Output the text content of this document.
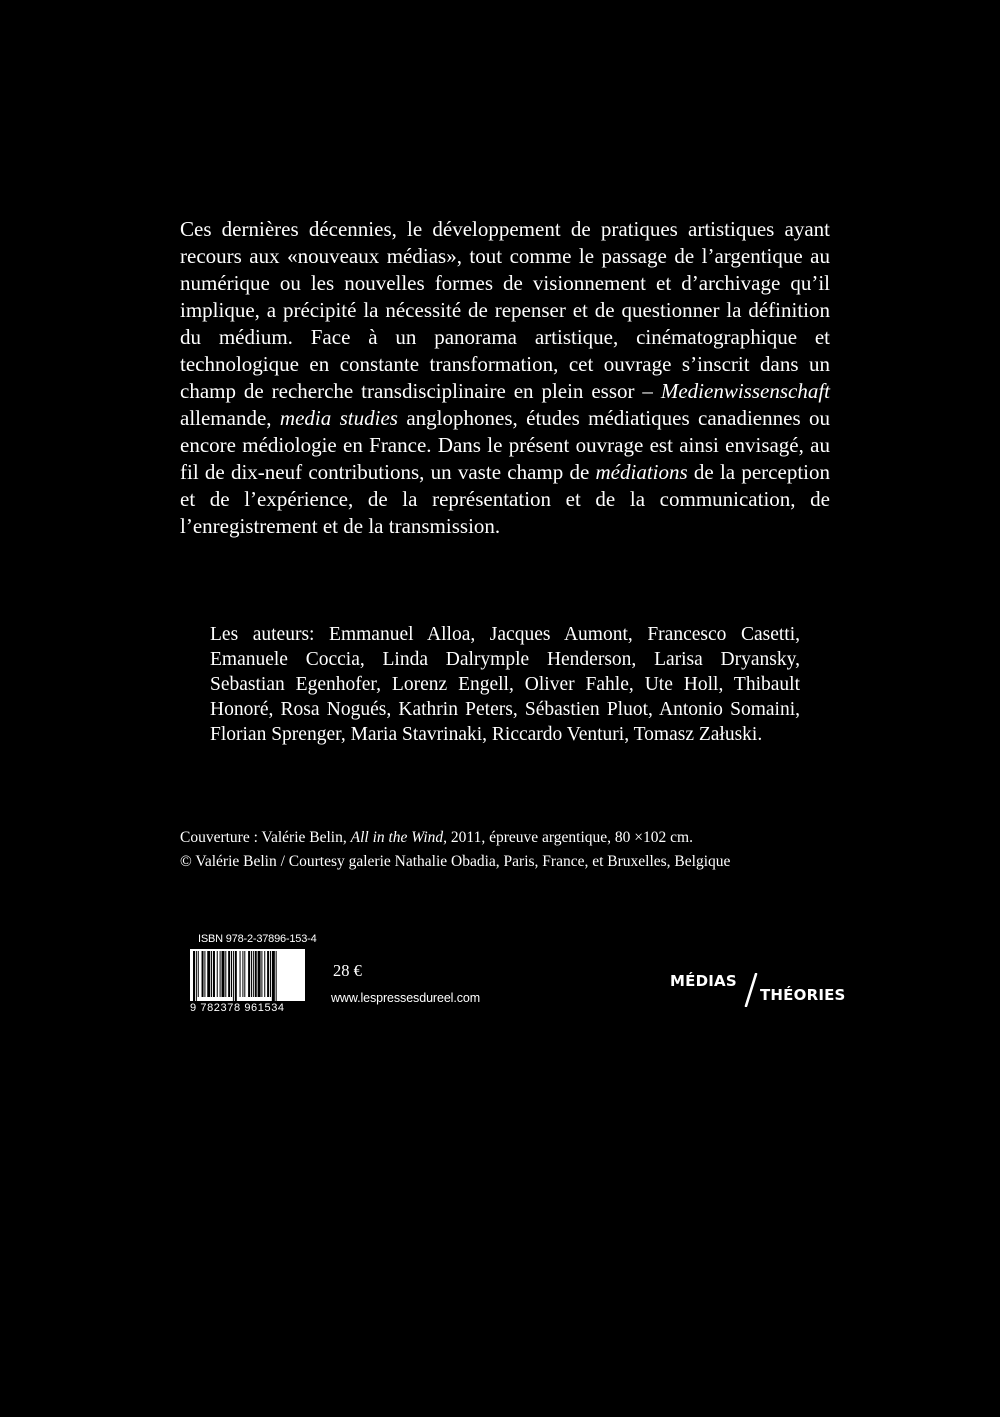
Ces dernières décennies, le développement de pratiques artistiques ayant recours aux «nouveaux médias», tout comme le passage de l’argentique au numérique ou les nouvelles formes de visionnement et d’archivage qu’il implique, a précipité la nécessité de repenser et de questionner la définition du médium. Face à un panorama artistique, cinématographique et technologique en constante transformation, cet ouvrage s’inscrit dans un champ de recherche transdisciplinaire en plein essor – Medienwissenschaft allemande, media studies anglophones, études médiatiques canadiennes ou encore médiologie en France. Dans le présent ouvrage est ainsi envisagé, au fil de dix-neuf contributions, un vaste champ de médiations de la perception et de l’expérience, de la représentation et de la communication, de l’enregistrement et de la transmission.

Les auteurs: Emmanuel Alloa, Jacques Aumont, Francesco Casetti, Emanuele Coccia, Linda Dalrymple Henderson, Larisa Dryansky, Sebastian Egenhofer, Lorenz Engell, Oliver Fahle, Ute Holl, Thibault Honoré, Rosa Nogués, Kathrin Peters, Sébastien Pluot, Antonio Somaini, Florian Sprenger, Maria Stavrinaki, Riccardo Venturi, Tomasz Załuski.

Couverture : Valérie Belin, All in the Wind, 2011, épreuve argentique, 80 ×102 cm.

© Valérie Belin / Courtesy galerie Nathalie Obadia, Paris, France, et Bruxelles, Belgique

ISBN 978-2-37896-153-4
9 782378 961534
28 €
www.lespressesdureel.com
MÉDIAS
THÉORIES
